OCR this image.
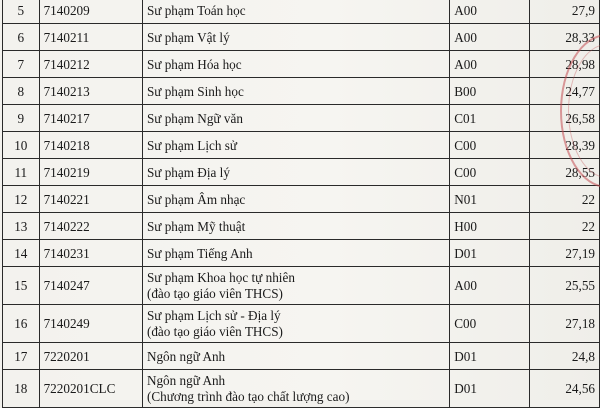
5	7140209	Sư phạm Toán học	A00	27,9
6	7140211	Sư phạm Vật lý	A00	28,33
7	7140212	Sư phạm Hóa học	A00	28,98
8	7140213	Sư phạm Sinh học	B00	24,77
9	7140217	Sư phạm Ngữ văn	C01	26,58
10	7140218	Sư phạm Lịch sử	C00	28,39
11	7140219	Sư phạm Địa lý	C00	28,55
12	7140221	Sư phạm Âm nhạc	N01	22
13	7140222	Sư phạm Mỹ thuật	H00	22
14	7140231	Sư phạm Tiếng Anh	D01	27,19
15	7140247	Sư phạm Khoa học tự nhiên
(đào tạo giáo viên THCS)	A00	25,55
16	7140249	Sư phạm Lịch sử - Địa lý
(đào tạo giáo viên THCS)	C00	27,18
17	7220201	Ngôn ngữ Anh	D01	24,8
18	7220201CLC	Ngôn ngữ Anh
(Chương trình đào tạo chất lượng cao)	D01	24,56
